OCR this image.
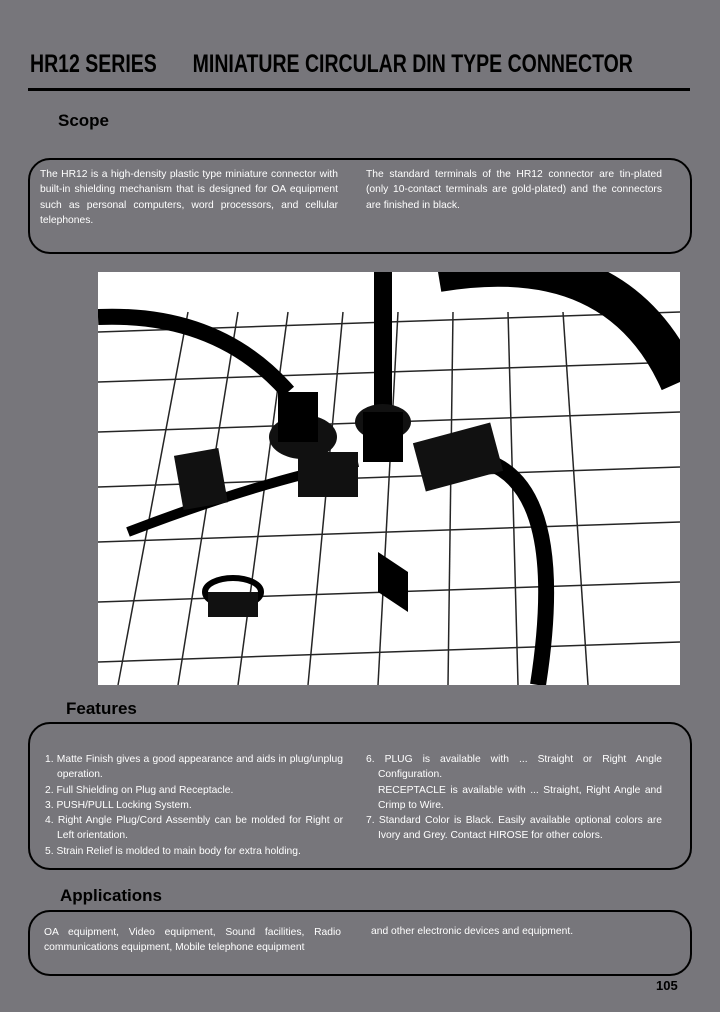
HR12 SERIES MINIATURE CIRCULAR DIN TYPE CONNECTOR
Scope
The HR12 is a high-density plastic type miniature connector with built-in shielding mechanism that is designed for OA equipment such as personal computers, word processors, and cellular telephones.
The standard terminals of the HR12 connector are tin-plated (only 10-contact terminals are gold-plated) and the connectors are finished in black.
Features

1. Matte Finish gives a good appearance and aids in plug/unplug operation.

2. Full Shielding on Plug and Receptacle.

3. PUSH/PULL Locking System.

4. Right Angle Plug/Cord Assembly can be molded for Right or Left orientation.

5. Strain Relief is molded to main body for extra holding.

6. PLUG is available with ... Straight or Right Angle Configuration.

RECEPTACLE is available with ... Straight, Right Angle and Crimp to Wire.

7. Standard Color is Black. Easily available optional colors are Ivory and Grey. Contact HIROSE for other colors.

Applications
OA equipment, Video equipment, Sound facilities, Radio communications equipment, Mobile telephone equipment
and other electronic devices and equipment.
105
